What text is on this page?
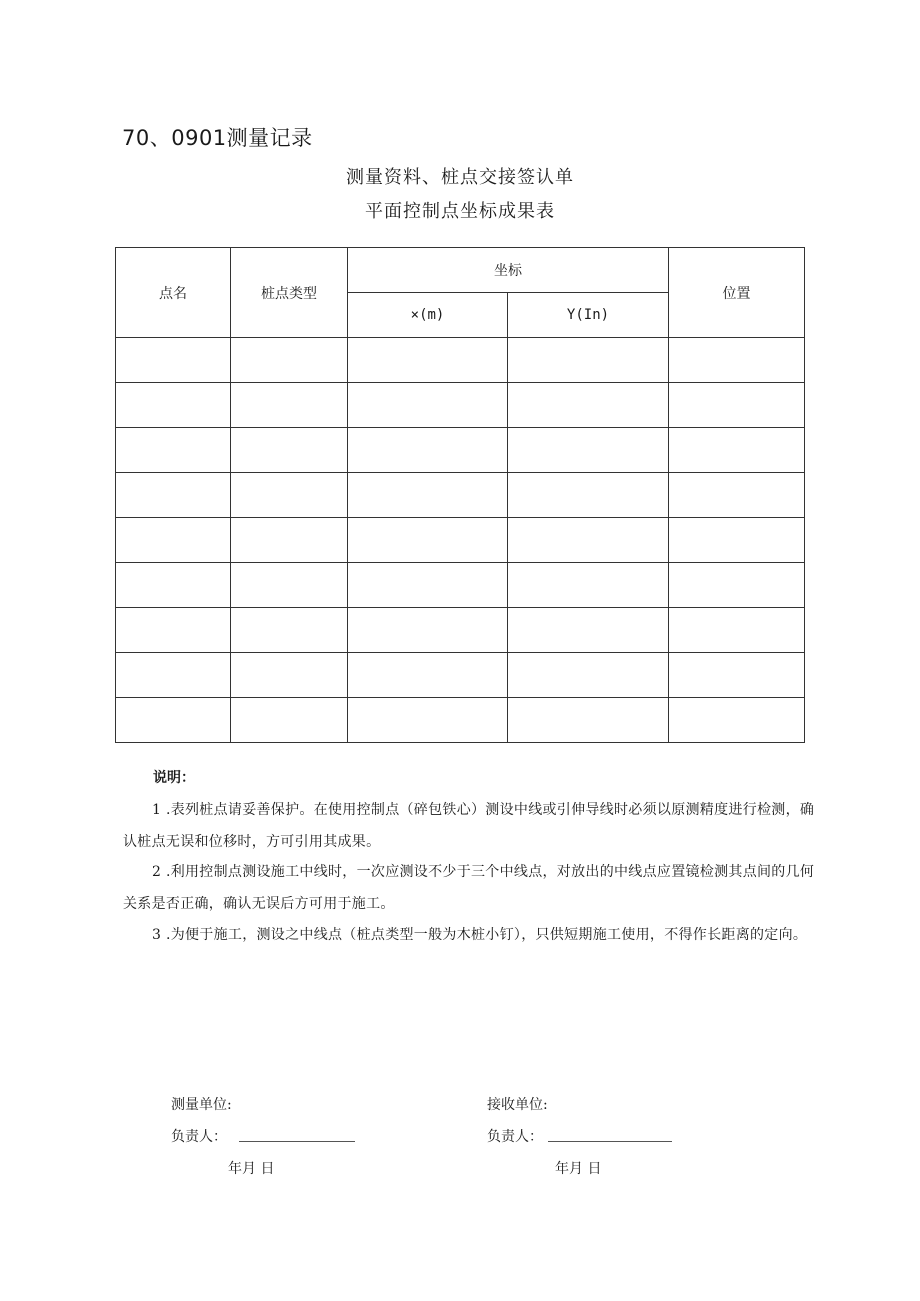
70、0901测量记录
测量资料、桩点交接签认单
平面控制点坐标成果表
点名	桩点类型	坐标		位置
		×(m)	Y(In)	

说明：
1 .表列桩点请妥善保护。在使用控制点（碎包铁心）测设中线或引伸导线时必须以原测精度进行检测，确认桩点无误和位移时，方可引用其成果。
2 .利用控制点测设施工中线时，一次应测设不少于三个中线点，对放出的中线点应置镜检测其点间的几何关系是否正确，确认无误后方可用于施工。
3 .为便于施工，测设之中线点（桩点类型一般为木桩小钉），只供短期施工使用，不得作长距离的定向。
测量单位:	接收单位:
负责人：	负责人：
年月 日	年月 日
